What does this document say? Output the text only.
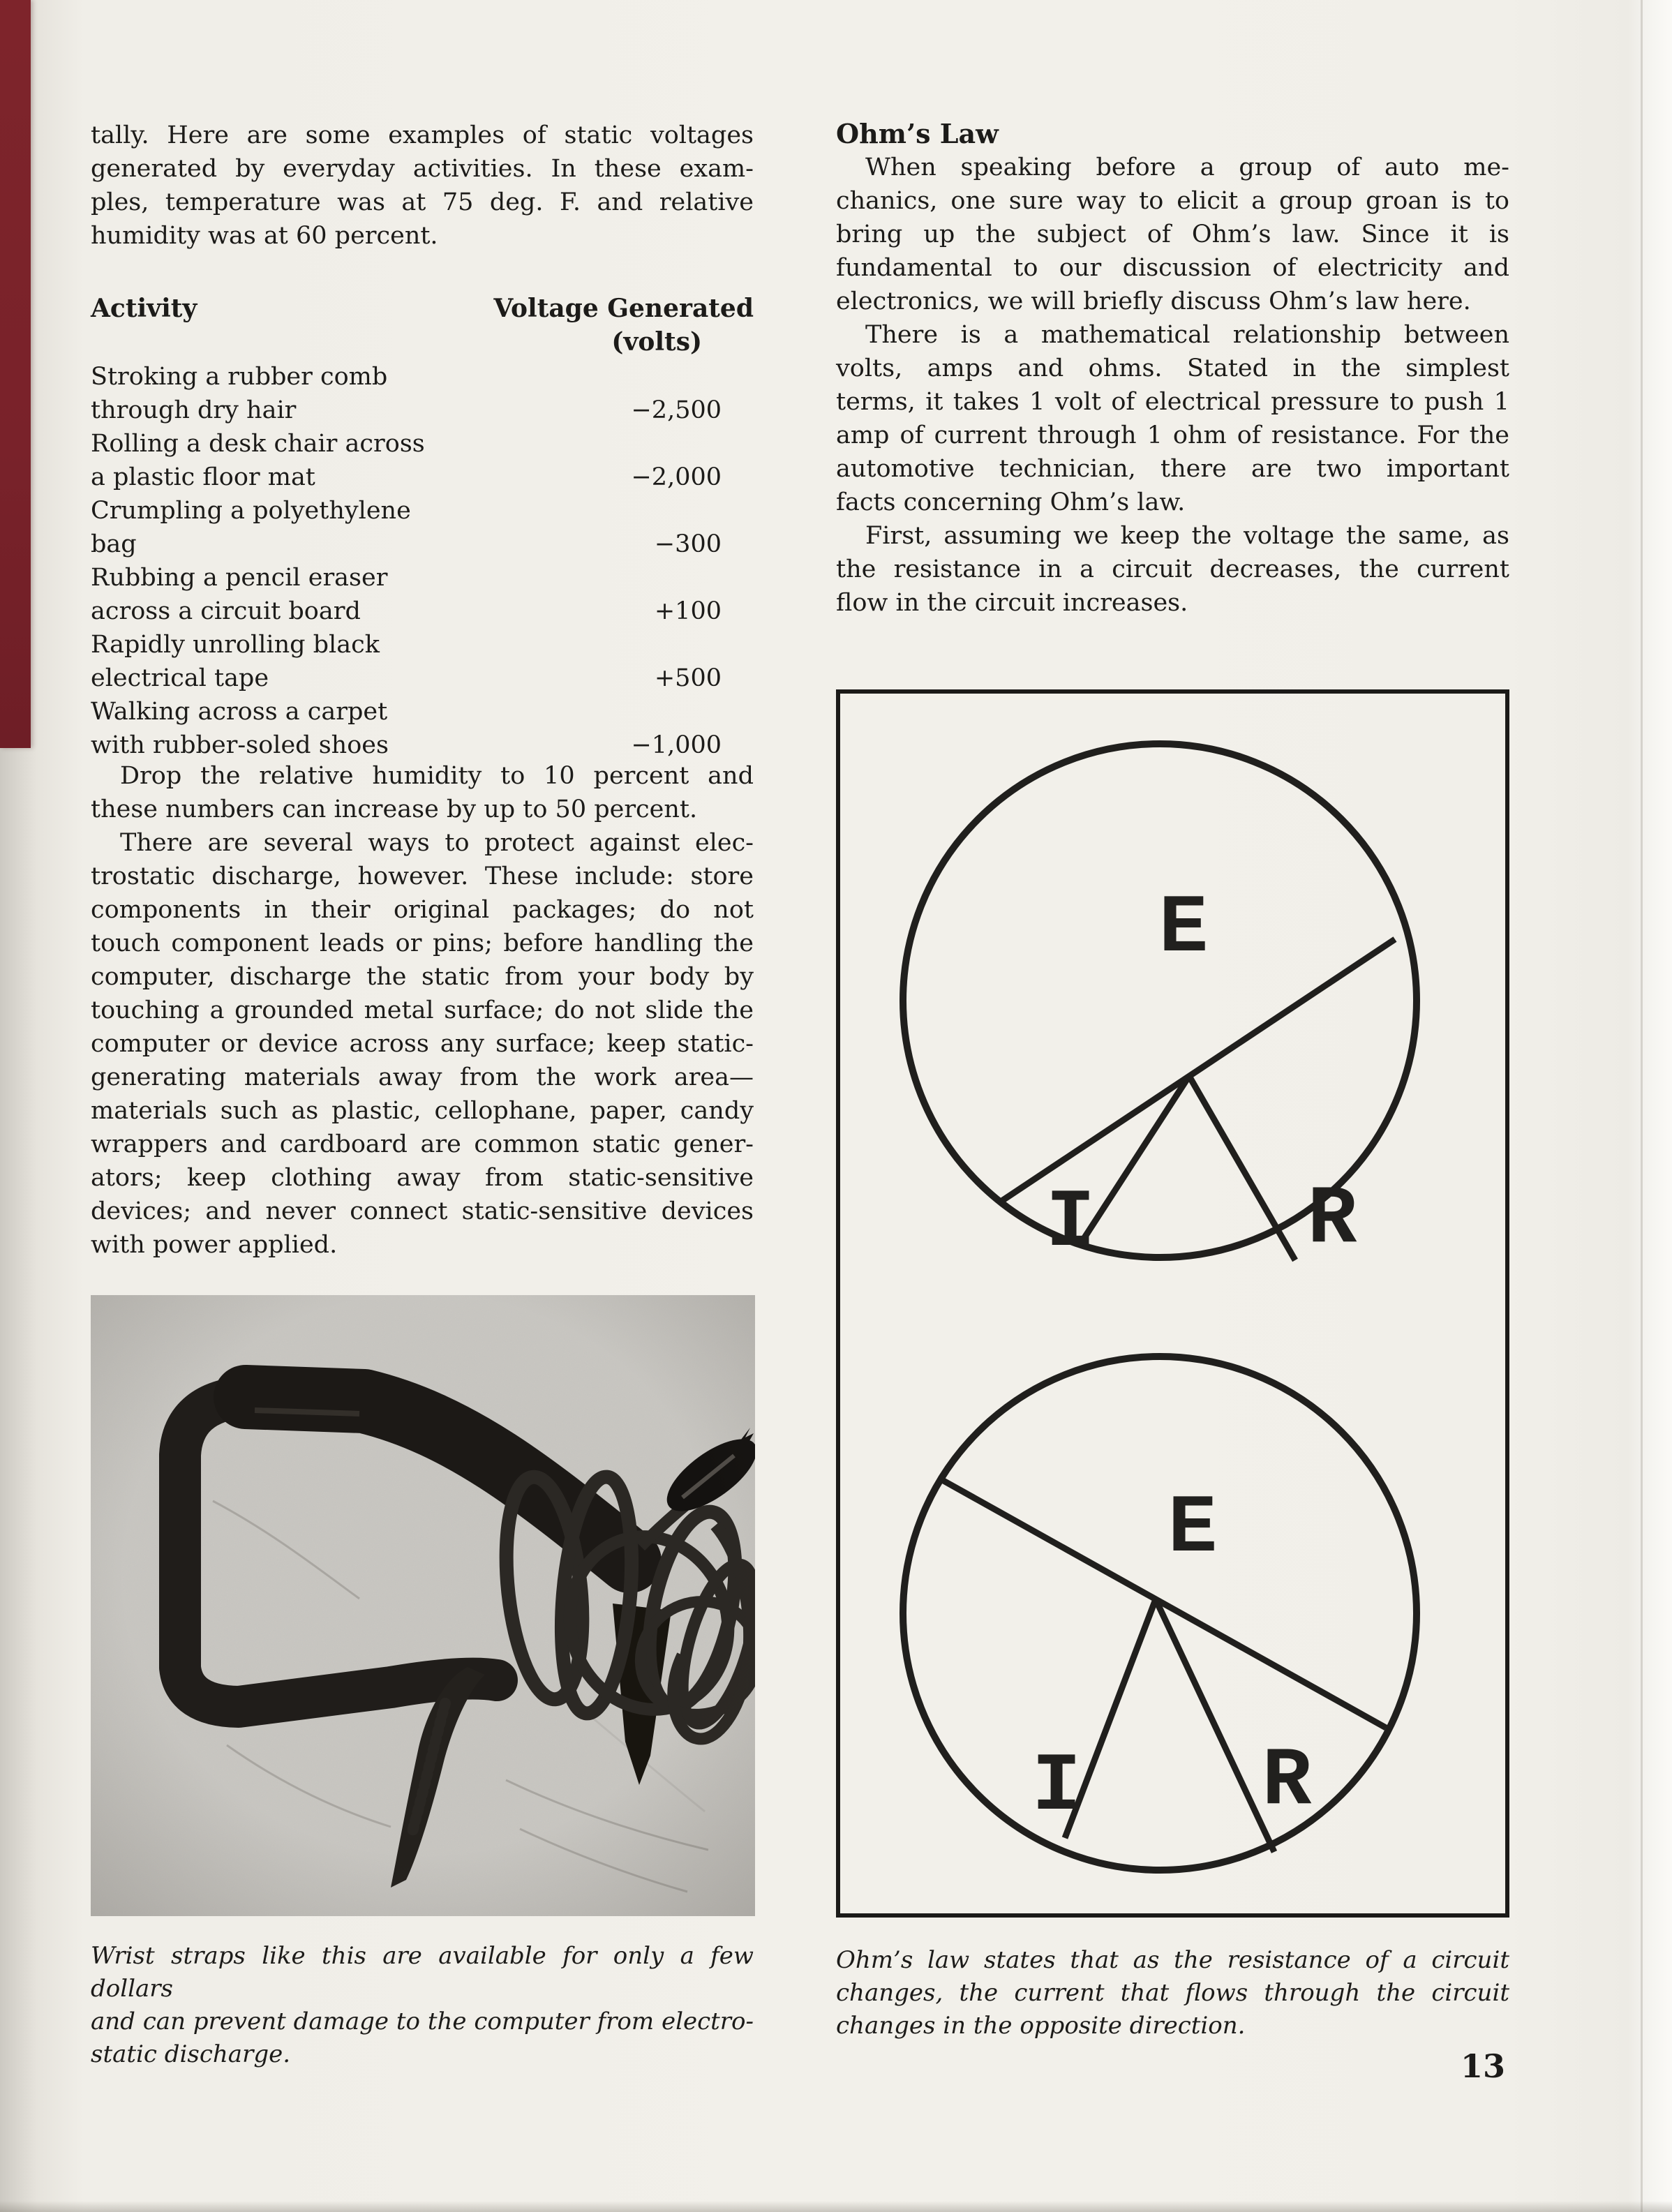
tally. Here are some examples of static voltages
generated by everyday activities. In these exam-
ples, temperature was at 75 deg. F. and relative
humidity was at 60 percent.
Activity	Voltage Generated
(volts)
Stroking a rubber comb
through dry hair	−2,500
Rolling a desk chair across
a plastic floor mat	−2,000
Crumpling a polyethylene
bag	−300
Rubbing a pencil eraser
across a circuit board	+100
Rapidly unrolling black
electrical tape	+500
Walking across a carpet
with rubber-soled shoes	−1,000
Drop the relative humidity to 10 percent and
these numbers can increase by up to 50 percent.
There are several ways to protect against elec-
trostatic discharge, however. These include: store
components in their original packages; do not
touch component leads or pins; before handling the
computer, discharge the static from your body by
touching a grounded metal surface; do not slide the
computer or device across any surface; keep static-
generating materials away from the work area—
materials such as plastic, cellophane, paper, candy
wrappers and cardboard are common static gener-
ators; keep clothing away from static-sensitive
devices; and never connect static-sensitive devices
with power applied.
Wrist straps like this are available for only a few dollars
and can prevent damage to the computer from electro-
static discharge.
Ohm’s Law
When speaking before a group of auto me-
chanics, one sure way to elicit a group groan is to
bring up the subject of Ohm’s law. Since it is
fundamental to our discussion of electricity and
electronics, we will briefly discuss Ohm’s law here.
There is a mathematical relationship between
volts, amps and ohms. Stated in the simplest
terms, it takes 1 volt of electrical pressure to push 1
amp of current through 1 ohm of resistance. For the
automotive technician, there are two important
facts concerning Ohm’s law.
First, assuming we keep the voltage the same, as
the resistance in a circuit decreases, the current
flow in the circuit increases.
E
I	R
E
I R
Ohm’s law states that as the resistance of a circuit
changes, the current that flows through the circuit
changes in the opposite direction.
13
